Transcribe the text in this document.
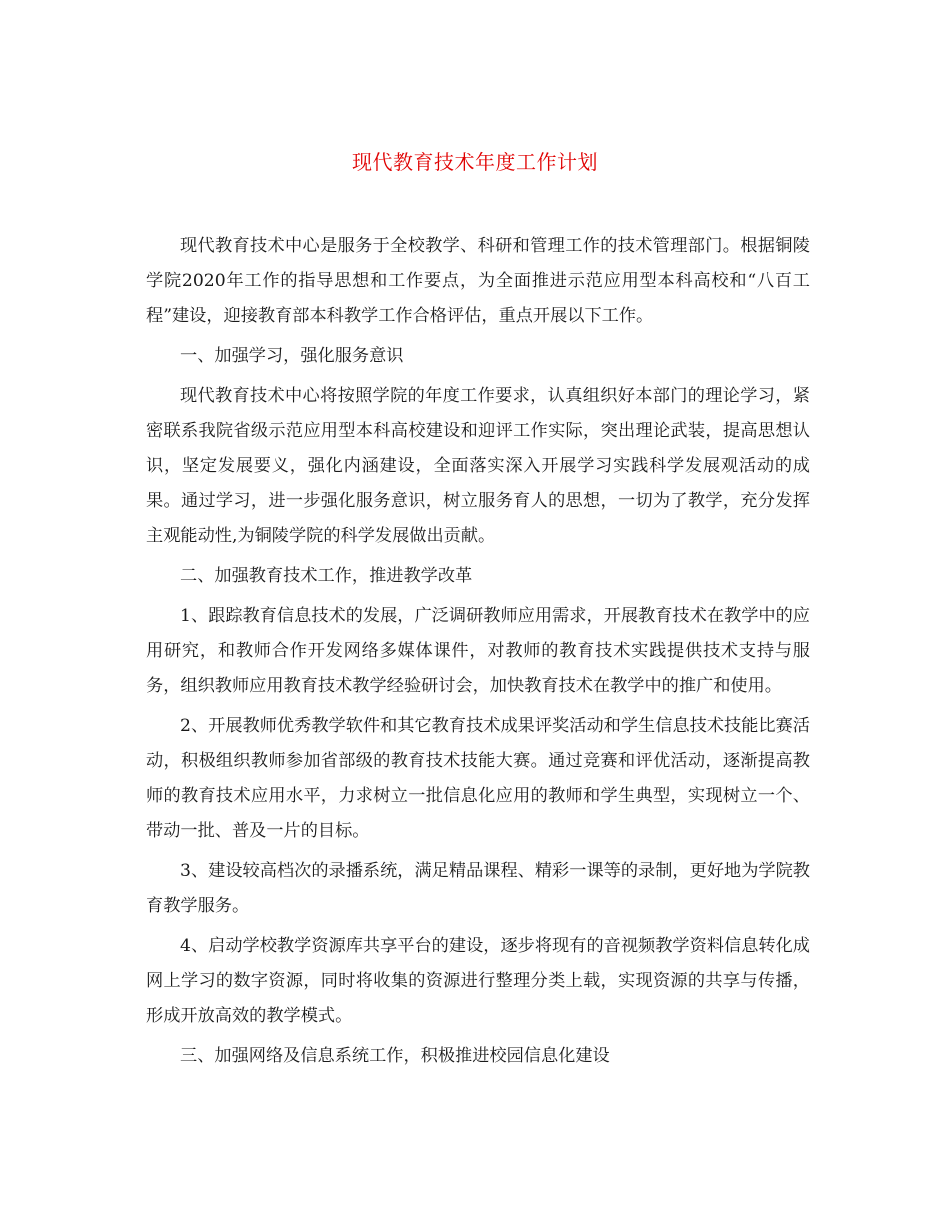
现代教育技术年度工作计划

现代教育技术中心是服务于全校教学、科研和管理工作的技术管理部门。根据铜陵学院2020年工作的指导思想和工作要点，为全面推进示范应用型本科高校和“八百工程”建设，迎接教育部本科教学工作合格评估，重点开展以下工作。

一、加强学习，强化服务意识

现代教育技术中心将按照学院的年度工作要求，认真组织好本部门的理论学习，紧密联系我院省级示范应用型本科高校建设和迎评工作实际，突出理论武装，提高思想认识，坚定发展要义，强化内涵建设，全面落实深入开展学习实践科学发展观活动的成果。通过学习，进一步强化服务意识，树立服务育人的思想，一切为了教学，充分发挥主观能动性,为铜陵学院的科学发展做出贡献。

二、加强教育技术工作，推进教学改革

1、跟踪教育信息技术的发展，广泛调研教师应用需求，开展教育技术在教学中的应用研究，和教师合作开发网络多媒体课件，对教师的教育技术实践提供技术支持与服务，组织教师应用教育技术教学经验研讨会，加快教育技术在教学中的推广和使用。

2、开展教师优秀教学软件和其它教育技术成果评奖活动和学生信息技术技能比赛活动，积极组织教师参加省部级的教育技术技能大赛。通过竞赛和评优活动，逐渐提高教师的教育技术应用水平，力求树立一批信息化应用的教师和学生典型，实现树立一个、带动一批、普及一片的目标。

3、建设较高档次的录播系统，满足精品课程、精彩一课等的录制，更好地为学院教育教学服务。

4、启动学校教学资源库共享平台的建设，逐步将现有的音视频教学资料信息转化成网上学习的数字资源，同时将收集的资源进行整理分类上载，实现资源的共享与传播，形成开放高效的教学模式。

三、加强网络及信息系统工作，积极推进校园信息化建设
